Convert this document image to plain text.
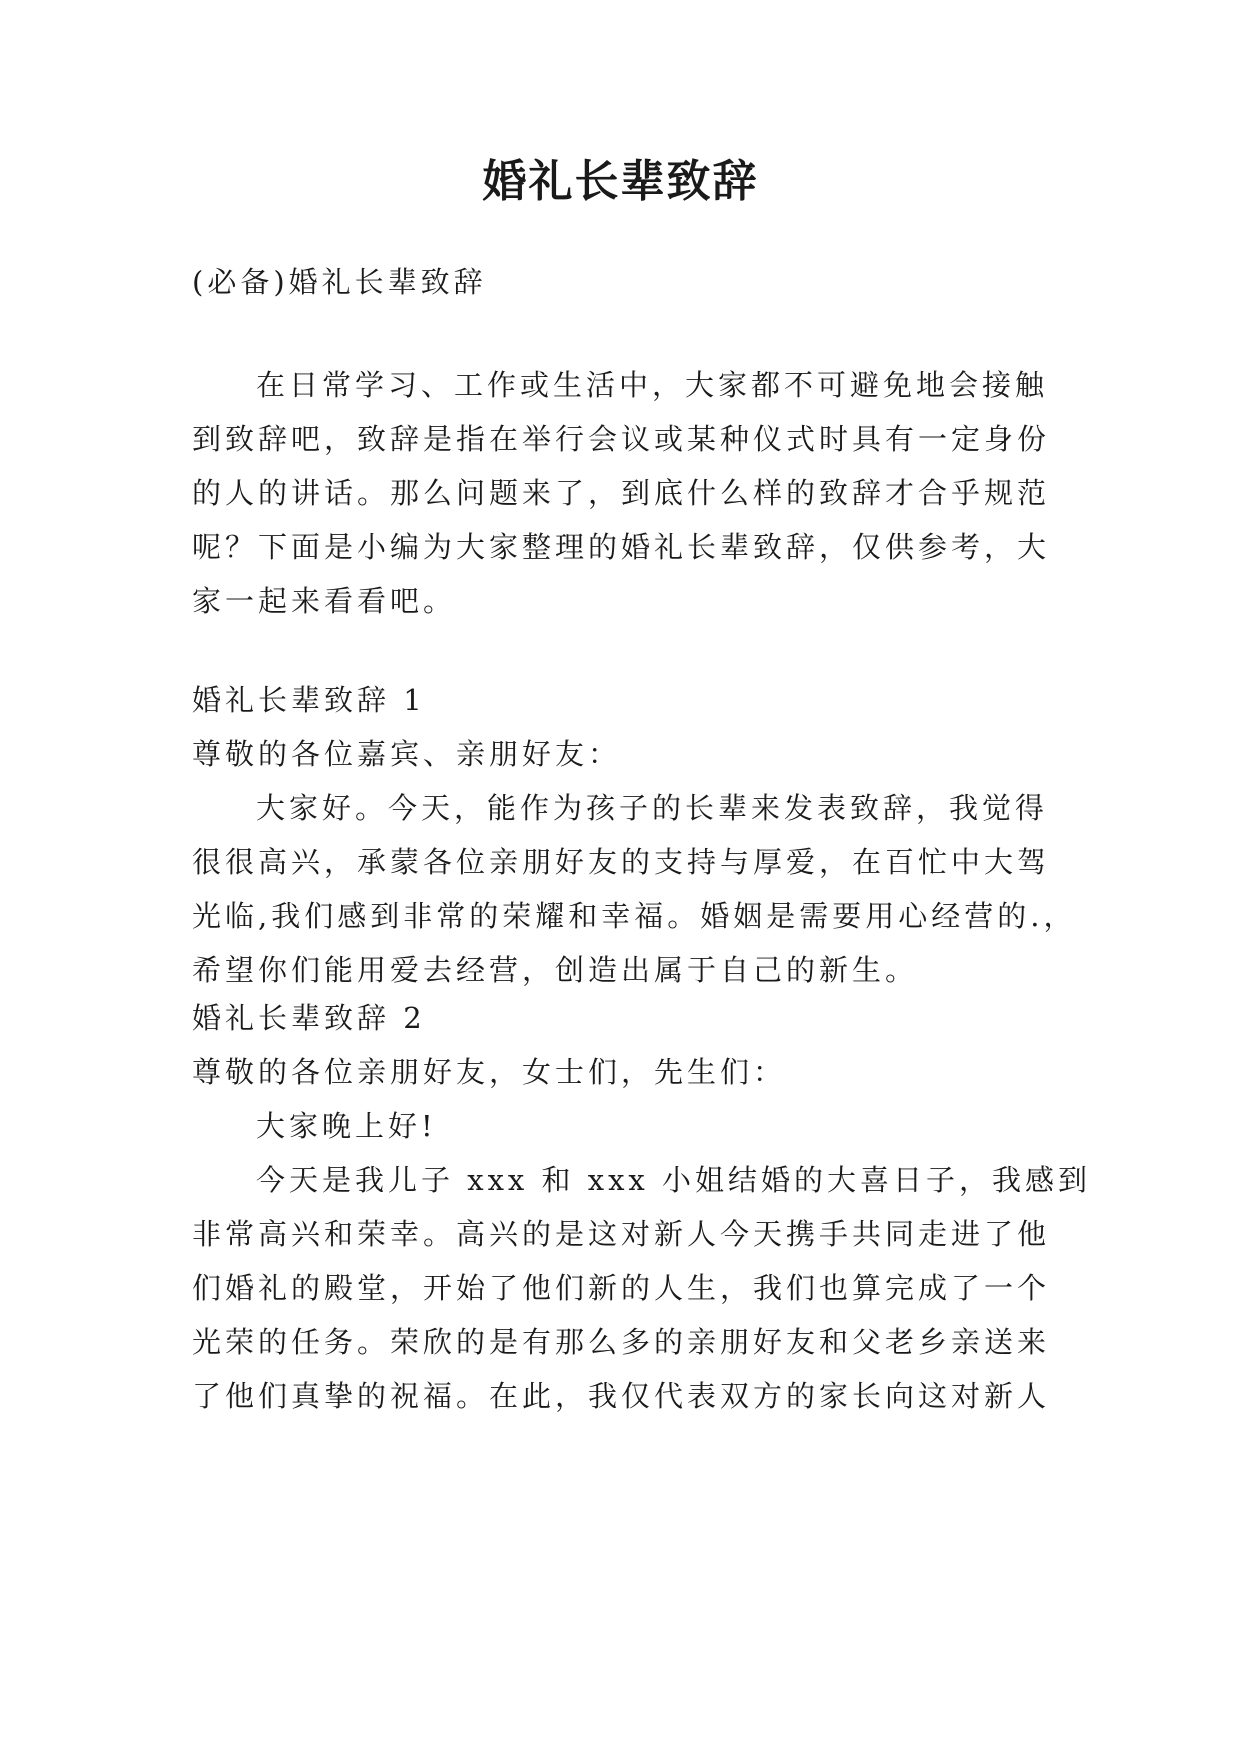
婚礼长辈致辞

(必备)婚礼长辈致辞

在日常学习、工作或生活中，大家都不可避免地会接触

到致辞吧，致辞是指在举行会议或某种仪式时具有一定身份

的人的讲话。那么问题来了，到底什么样的致辞才合乎规范

呢？下面是小编为大家整理的婚礼长辈致辞，仅供参考，大

家一起来看看吧。

婚礼长辈致辞 1

尊敬的各位嘉宾、亲朋好友：

大家好。今天，能作为孩子的长辈来发表致辞，我觉得

很很高兴，承蒙各位亲朋好友的支持与厚爱，在百忙中大驾

光临,我们感到非常的荣耀和幸福。婚姻是需要用心经营的.，

希望你们能用爱去经营，创造出属于自己的新生。

婚礼长辈致辞 2

尊敬的各位亲朋好友，女士们，先生们：

大家晚上好!

今天是我儿子 xxx 和 xxx 小姐结婚的大喜日子，我感到

非常高兴和荣幸。高兴的是这对新人今天携手共同走进了他

们婚礼的殿堂，开始了他们新的人生，我们也算完成了一个

光荣的任务。荣欣的是有那么多的亲朋好友和父老乡亲送来

了他们真挚的祝福。在此，我仅代表双方的家长向这对新人
